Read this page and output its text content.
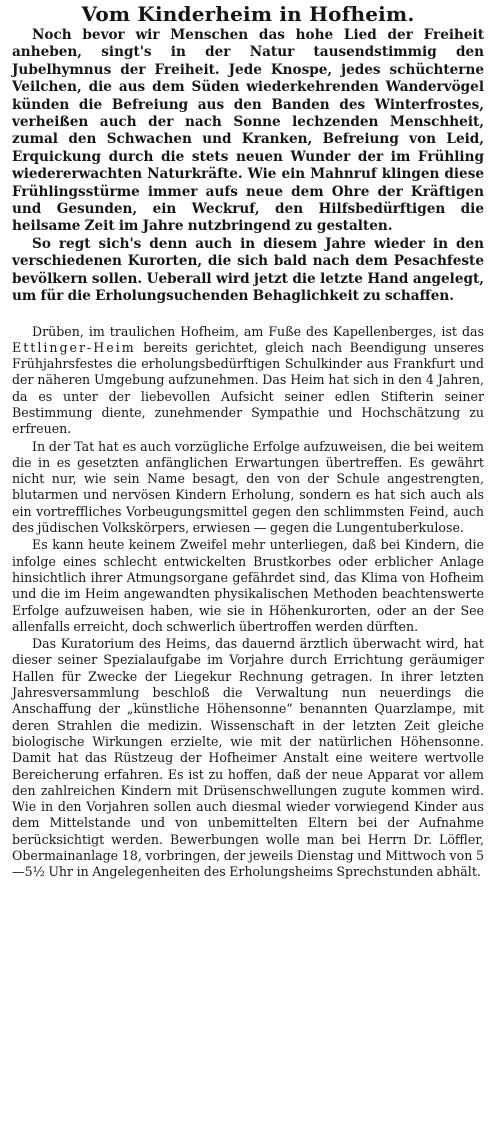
Vom Kinderheim in Hofheim.

Noch bevor wir Menschen das hohe Lied der Freiheit anheben, singt's in der Natur tausendstimmig den Jubelhymnus der Freiheit. Jede Knospe, jedes schüchterne Veilchen, die aus dem Süden wiederkehrenden Wandervögel künden die Befreiung aus den Banden des Winterfrostes, verheißen auch der nach Sonne lechzenden Menschheit, zumal den Schwachen und Kranken, Befreiung von Leid, Erquickung durch die stets neuen Wunder der im Frühling wiedererwachten Naturkräfte. Wie ein Mahnruf klingen diese Frühlingsstürme immer aufs neue dem Ohre der Kräftigen und Gesunden, ein Weckruf, den Hilfsbedürftigen die heilsame Zeit im Jahre nutzbringend zu gestalten.

So regt sich's denn auch in diesem Jahre wieder in den verschiedenen Kurorten, die sich bald nach dem Pesachfeste bevölkern sollen. Ueberall wird jetzt die letzte Hand angelegt, um für die Erholungsuchenden Behaglichkeit zu schaffen.

Drüben, im traulichen Hofheim, am Fuße des Kapellenberges, ist das Ettlinger-Heim bereits gerichtet, gleich nach Beendigung unseres Frühjahrsfestes die erholungsbedürftigen Schulkinder aus Frankfurt und der näheren Umgebung aufzunehmen. Das Heim hat sich in den 4 Jahren, da es unter der liebevollen Aufsicht seiner edlen Stifterin seiner Bestimmung diente, zunehmender Sympathie und Hochschätzung zu erfreuen.

In der Tat hat es auch vorzügliche Erfolge aufzuweisen, die bei weitem die in es gesetzten anfänglichen Erwartungen übertreffen. Es gewährt nicht nur, wie sein Name besagt, den von der Schule angestrengten, blutarmen und nervösen Kindern Erholung, sondern es hat sich auch als ein vortreffliches Vorbeugungsmittel gegen den schlimmsten Feind, auch des jüdischen Volkskörpers, erwiesen — gegen die Lungentuberkulose.

Es kann heute keinem Zweifel mehr unterliegen, daß bei Kindern, die infolge eines schlecht entwickelten Brustkorbes oder erblicher Anlage hinsichtlich ihrer Atmungsorgane gefährdet sind, das Klima von Hofheim und die im Heim angewandten physikalischen Methoden beachtenswerte Erfolge aufzuweisen haben, wie sie in Höhenkurorten, oder an der See allenfalls erreicht, doch schwerlich übertroffen werden dürften.

Das Kuratorium des Heims, das dauernd ärztlich überwacht wird, hat dieser seiner Spezialaufgabe im Vorjahre durch Errichtung geräumiger Hallen für Zwecke der Liegekur Rechnung getragen. In ihrer letzten Jahresversammlung beschloß die Verwaltung nun neuerdings die Anschaffung der „künstliche Höhensonne“ benannten Quarzlampe, mit deren Strahlen die medizin. Wissenschaft in der letzten Zeit gleiche biologische Wirkungen erzielte, wie mit der natürlichen Höhensonne. Damit hat das Rüstzeug der Hofheimer Anstalt eine weitere wertvolle Bereicherung erfahren. Es ist zu hoffen, daß der neue Apparat vor allem den zahlreichen Kindern mit Drüsenschwellungen zugute kommen wird. Wie in den Vorjahren sollen auch diesmal wieder vorwiegend Kinder aus dem Mittelstande und von unbemittelten Eltern bei der Aufnahme berücksichtigt werden. Bewerbungen wolle man bei Herrn Dr. Löffler, Obermainanlage 18, vorbringen, der jeweils Dienstag und Mittwoch von 5—5½ Uhr in Angelegenheiten des Erholungsheims Sprechstunden abhält.
